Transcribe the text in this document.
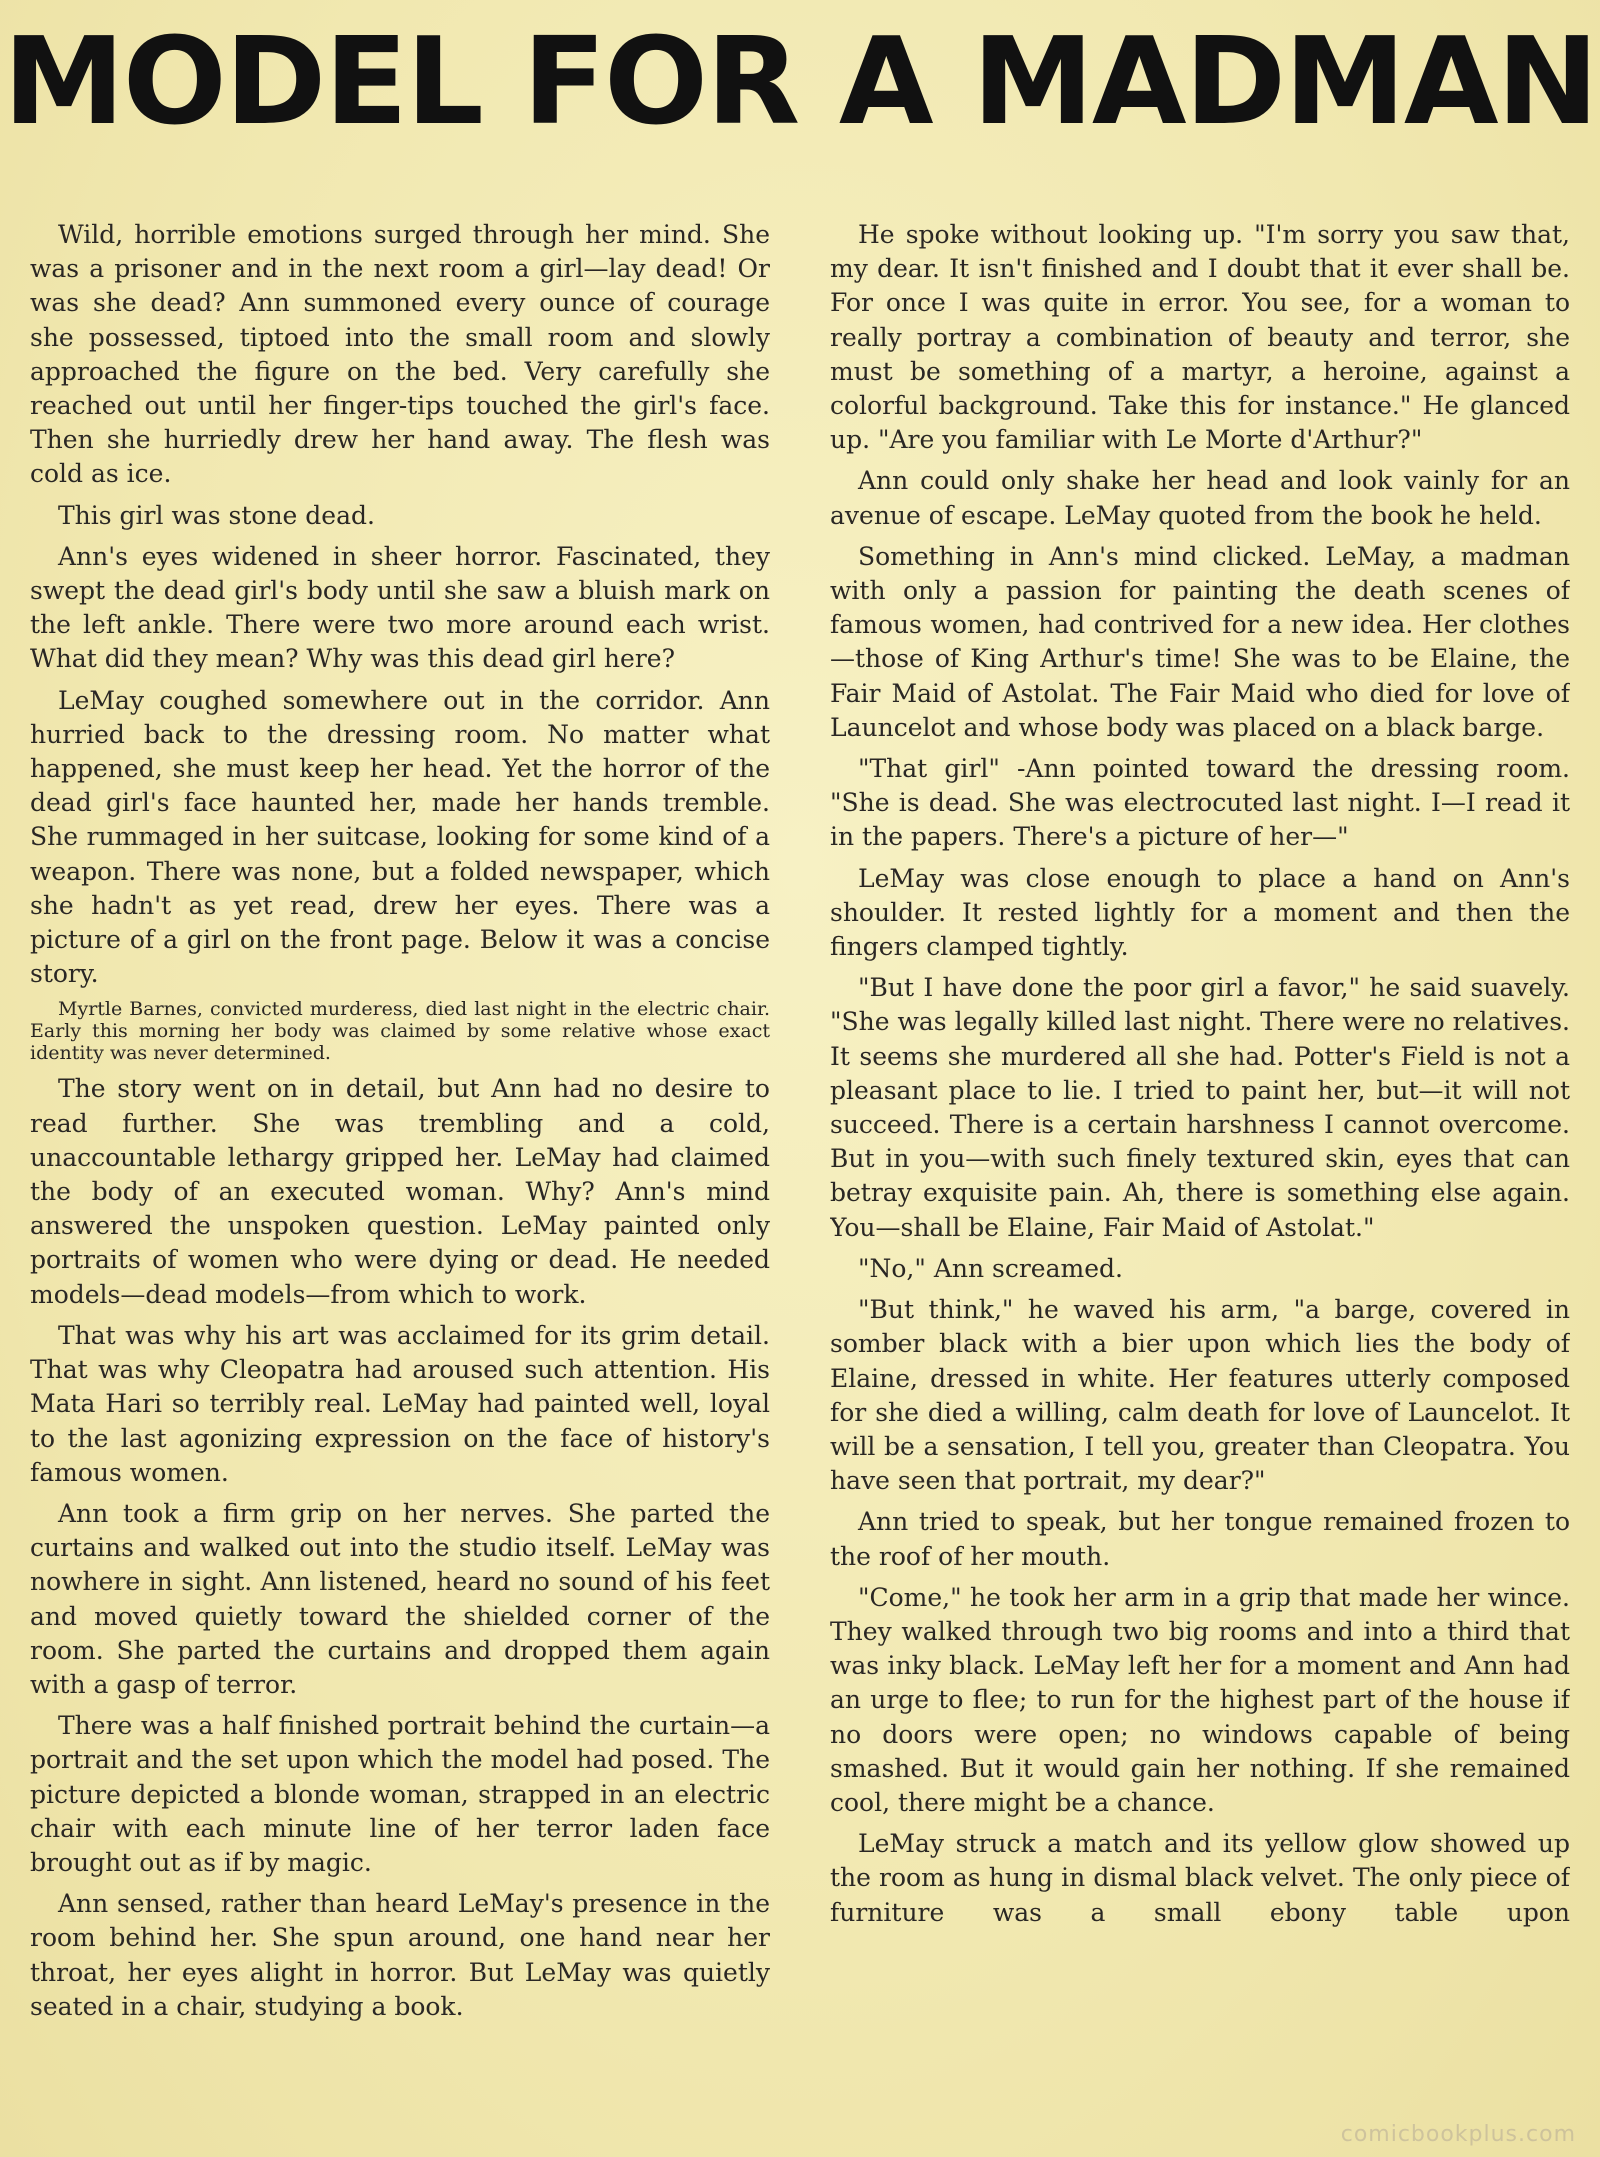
MODEL FOR A MADMAN

Wild, horrible emotions surged through her mind. She was a prisoner and in the next room a girl—lay dead! Or was she dead? Ann summoned every ounce of courage she possessed, tiptoed into the small room and slowly approached the figure on the bed. Very carefully she reached out until her finger-tips touched the girl's face. Then she hurriedly drew her hand away. The flesh was cold as ice.

This girl was stone dead.

Ann's eyes widened in sheer horror. Fascinated, they swept the dead girl's body until she saw a bluish mark on the left ankle. There were two more around each wrist. What did they mean? Why was this dead girl here?

LeMay coughed somewhere out in the corridor. Ann hurried back to the dressing room. No matter what happened, she must keep her head. Yet the horror of the dead girl's face haunted her, made her hands tremble. She rummaged in her suitcase, looking for some kind of a weapon. There was none, but a folded newspaper, which she hadn't as yet read, drew her eyes. There was a picture of a girl on the front page. Below it was a concise story.

Myrtle Barnes, convicted murderess, died last night in the electric chair. Early this morning her body was claimed by some relative whose exact identity was never determined.

The story went on in detail, but Ann had no desire to read further. She was trembling and a cold, unaccountable lethargy gripped her. LeMay had claimed the body of an executed woman. Why? Ann's mind answered the unspoken question. LeMay painted only portraits of women who were dying or dead. He needed models—dead models—from which to work.

That was why his art was acclaimed for its grim detail. That was why Cleopatra had aroused such attention. His Mata Hari so terribly real. LeMay had painted well, loyal to the last agonizing expression on the face of history's famous women.

Ann took a firm grip on her nerves. She parted the curtains and walked out into the studio itself. LeMay was nowhere in sight. Ann listened, heard no sound of his feet and moved quietly toward the shielded corner of the room. She parted the curtains and dropped them again with a gasp of terror.

There was a half finished portrait behind the curtain—a portrait and the set upon which the model had posed. The picture depicted a blonde woman, strapped in an electric chair with each minute line of her terror laden face brought out as if by magic.

Ann sensed, rather than heard LeMay's presence in the room behind her. She spun around, one hand near her throat, her eyes alight in horror. But LeMay was quietly seated in a chair, studying a book.

He spoke without looking up. "I'm sorry you saw that, my dear. It isn't finished and I doubt that it ever shall be. For once I was quite in error. You see, for a woman to really portray a combination of beauty and terror, she must be something of a martyr, a heroine, against a colorful background. Take this for instance." He glanced up. "Are you familiar with Le Morte d'Arthur?"

Ann could only shake her head and look vainly for an avenue of escape. LeMay quoted from the book he held.

Something in Ann's mind clicked. LeMay, a madman with only a passion for painting the death scenes of famous women, had contrived for a new idea. Her clothes—those of King Arthur's time! She was to be Elaine, the Fair Maid of Astolat. The Fair Maid who died for love of Launcelot and whose body was placed on a black barge.

"That girl" -Ann pointed toward the dressing room. "She is dead. She was electrocuted last night. I—I read it in the papers. There's a picture of her—"

LeMay was close enough to place a hand on Ann's shoulder. It rested lightly for a moment and then the fingers clamped tightly.

"But I have done the poor girl a favor," he said suavely. "She was legally killed last night. There were no relatives. It seems she murdered all she had. Potter's Field is not a pleasant place to lie. I tried to paint her, but—it will not succeed. There is a certain harshness I cannot overcome. But in you—with such finely textured skin, eyes that can betray exquisite pain. Ah, there is something else again. You—shall be Elaine, Fair Maid of Astolat."

"No," Ann screamed.

"But think," he waved his arm, "a barge, covered in somber black with a bier upon which lies the body of Elaine, dressed in white. Her features utterly composed for she died a willing, calm death for love of Launcelot. It will be a sensation, I tell you, greater than Cleopatra. You have seen that portrait, my dear?"

Ann tried to speak, but her tongue remained frozen to the roof of her mouth.

"Come," he took her arm in a grip that made her wince. They walked through two big rooms and into a third that was inky black. LeMay left her for a moment and Ann had an urge to flee; to run for the highest part of the house if no doors were open; no windows capable of being smashed. But it would gain her nothing. If she remained cool, there might be a chance.

LeMay struck a match and its yellow glow showed up the room as hung in dismal black velvet. The only piece of furniture was a small ebony table upon

comicbookplus.com
